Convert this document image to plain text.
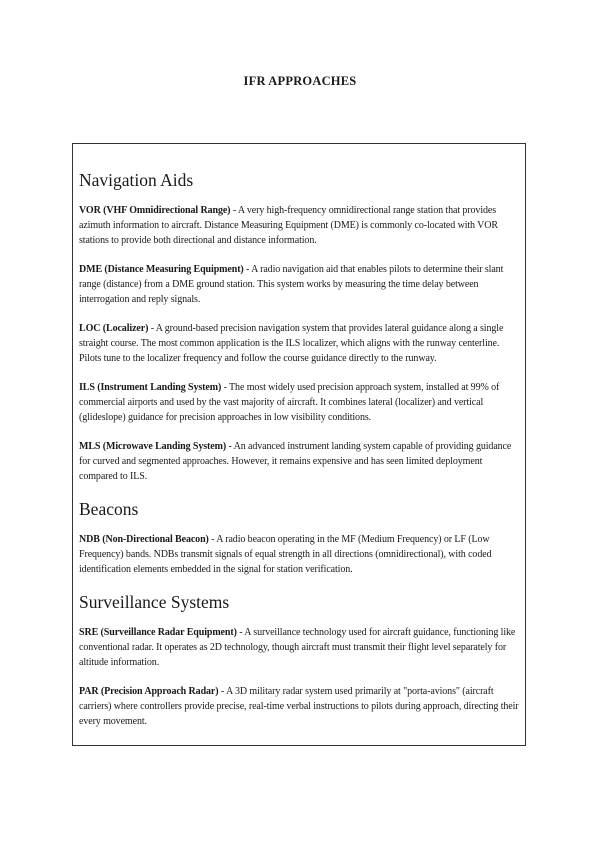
IFR APPROACHES
Navigation Aids

VOR (VHF Omnidirectional Range) - A very high-frequency omnidirectional range station that provides azimuth information to aircraft. Distance Measuring Equipment (DME) is commonly co-located with VOR stations to provide both directional and distance information.

DME (Distance Measuring Equipment) - A radio navigation aid that enables pilots to determine their slant range (distance) from a DME ground station. This system works by measuring the time delay between interrogation and reply signals.

LOC (Localizer) - A ground-based precision navigation system that provides lateral guidance along a single straight course. The most common application is the ILS localizer, which aligns with the runway centerline. Pilots tune to the localizer frequency and follow the course guidance directly to the runway.

ILS (Instrument Landing System) - The most widely used precision approach system, installed at 99% of commercial airports and used by the vast majority of aircraft. It combines lateral (localizer) and vertical (glideslope) guidance for precision approaches in low visibility conditions.

MLS (Microwave Landing System) - An advanced instrument landing system capable of providing guidance for curved and segmented approaches. However, it remains expensive and has seen limited deployment compared to ILS.

Beacons

NDB (Non-Directional Beacon) - A radio beacon operating in the MF (Medium Frequency) or LF (Low Frequency) bands. NDBs transmit signals of equal strength in all directions (omnidirectional), with coded identification elements embedded in the signal for station verification.

Surveillance Systems

SRE (Surveillance Radar Equipment) - A surveillance technology used for aircraft guidance, functioning like conventional radar. It operates as 2D technology, though aircraft must transmit their flight level separately for altitude information.

PAR (Precision Approach Radar) - A 3D military radar system used primarily at "porta-avions" (aircraft carriers) where controllers provide precise, real-time verbal instructions to pilots during approach, directing their every movement.
